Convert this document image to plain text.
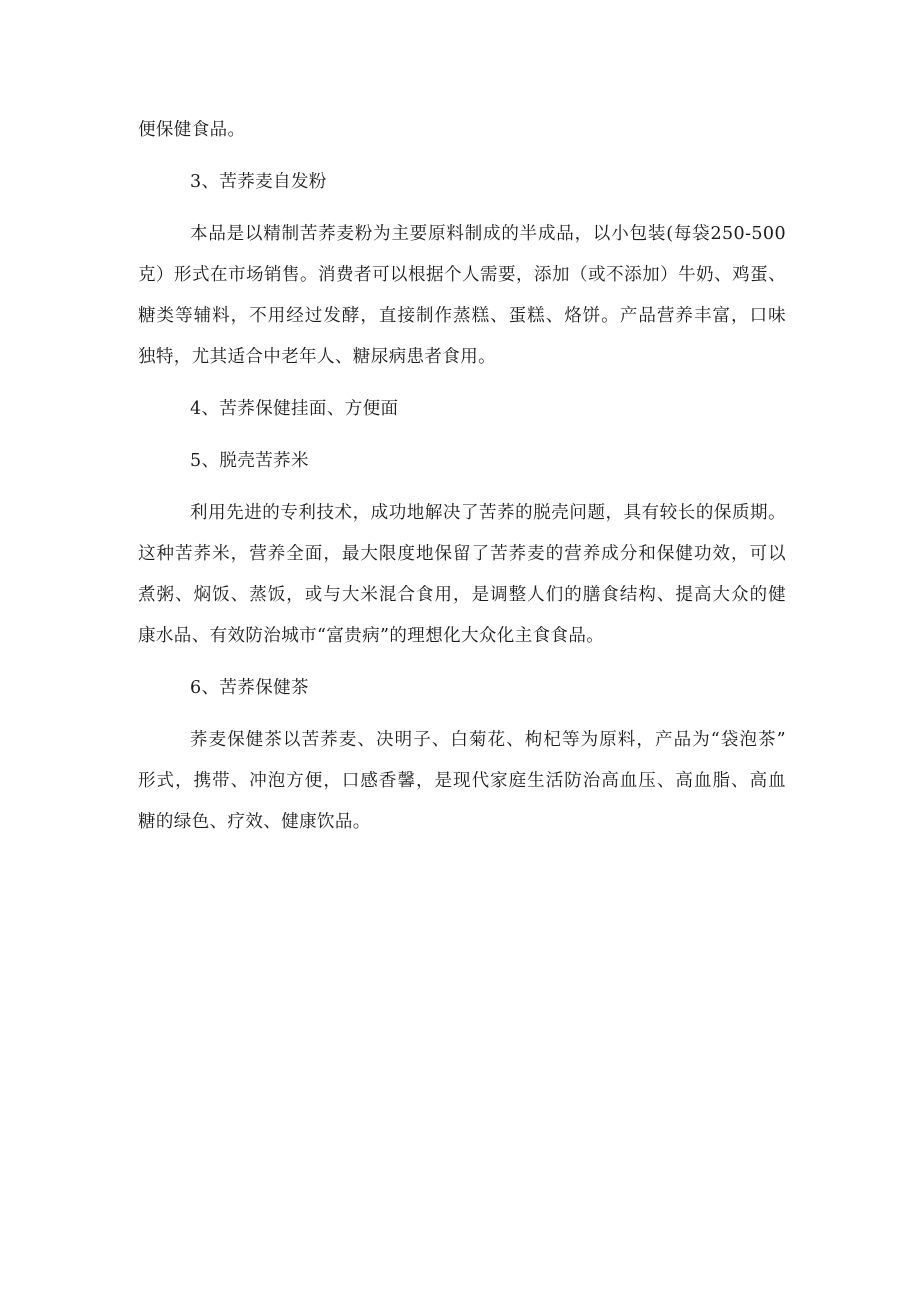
便保健食品。
3、苦荞麦自发粉
本品是以精制苦荞麦粉为主要原料制成的半成品，以小包装(每袋250-500
克）形式在市场销售。消费者可以根据个人需要，添加（或不添加）牛奶、鸡蛋、
糖类等辅料，不用经过发酵，直接制作蒸糕、蛋糕、烙饼。产品营养丰富，口味
独特，尤其适合中老年人、糖尿病患者食用。
4、苦荞保健挂面、方便面
5、脱壳苦荞米
利用先进的专利技术，成功地解决了苦荞的脱壳问题，具有较长的保质期。
这种苦荞米，营养全面，最大限度地保留了苦荞麦的营养成分和保健功效，可以
煮粥、焖饭、蒸饭，或与大米混合食用，是调整人们的膳食结构、提高大众的健
康水品、有效防治城市“富贵病”的理想化大众化主食食品。
6、苦荞保健茶
荞麦保健茶以苦荞麦、决明子、白菊花、枸杞等为原料，产品为“袋泡茶”
形式，携带、冲泡方便，口感香馨，是现代家庭生活防治高血压、高血脂、高血
糖的绿色、疗效、健康饮品。
